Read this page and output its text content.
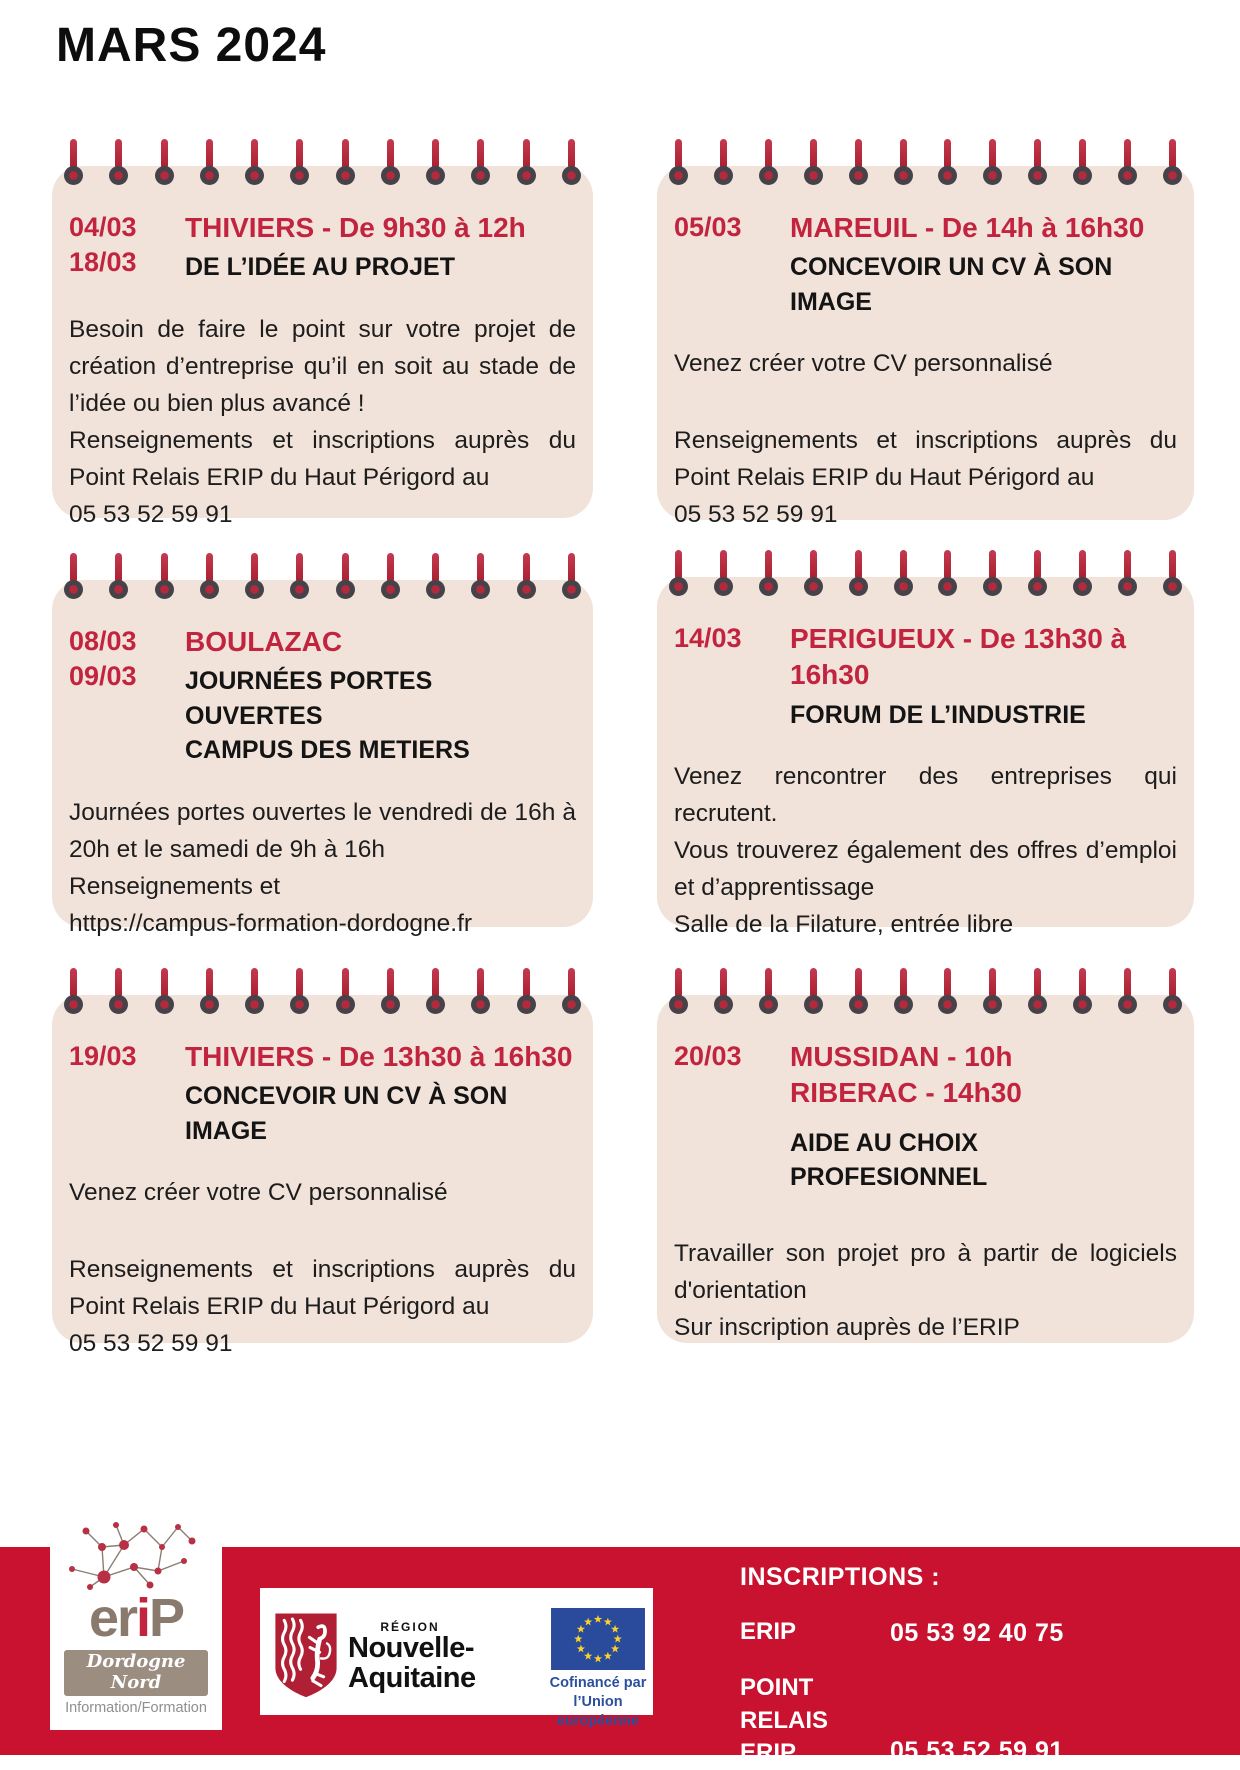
MARS 2024
04/03
18/03
THIVIERS - De 9h30 à 12h
DE L’IDÉE AU PROJET

Besoin de faire le point sur votre projet de création d’entreprise qu’il en soit au stade de l’idée ou bien plus avancé !

Renseignements et inscriptions auprès du Point Relais ERIP du Haut Périgord au

05 53 52 59 91

05/03	MAREUIL - De 14h à 16h30
CONCEVOIR UN CV À SON IMAGE

Venez créer votre CV personnalisé

Renseignements et inscriptions auprès du Point Relais ERIP du Haut Périgord au

05 53 52 59 91

08/03
09/03
BOULAZAC
JOURNÉES PORTES OUVERTES
CAMPUS DES METIERS

Journées portes ouvertes le vendredi de 16h à 20h et le samedi de 9h à 16h

Renseignements et

https://campus-formation-dordogne.fr

14/03	PERIGUEUX - De 13h30 à 16h30
FORUM DE L’INDUSTRIE

Venez rencontrer des entreprises qui recrutent.

Vous trouverez également des offres d’emploi et d’apprentissage

Salle de la Filature, entrée libre

19/03	THIVIERS - De 13h30 à 16h30
CONCEVOIR UN CV À SON IMAGE

Venez créer votre CV personnalisé

Renseignements et inscriptions auprès du Point Relais ERIP du Haut Périgord au

05 53 52 59 91

20/03	MUSSIDAN - 10h
RIBERAC - 14h30
AIDE AU CHOIX PROFESIONNEL

Travailler son projet pro à partir de logiciels d'orientation

Sur inscription auprès de l’ERIP

eriP
Dordogne Nord
Information/Formation
RÉGION
Nouvelle-
Aquitaine	Cofinancé par
l’Union européenne
INSCRIPTIONS :
ERIP	05 53 92 40 75
POINT
RELAIS ERIP	05 53 52 59 91
